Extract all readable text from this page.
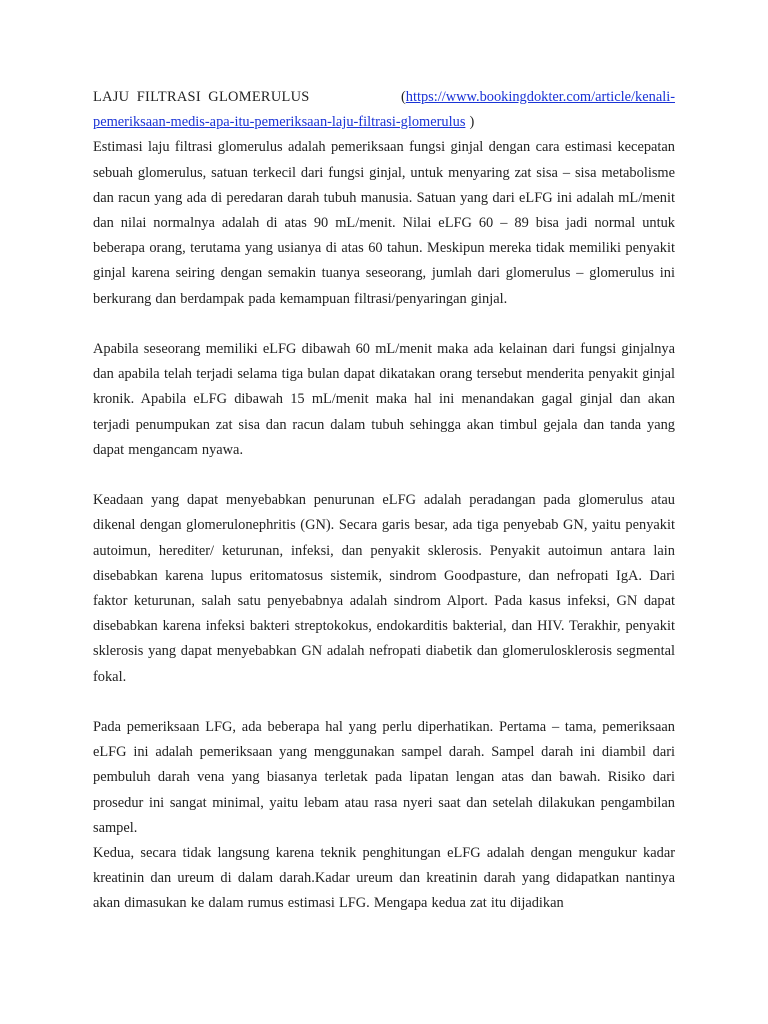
LAJU FILTRASI GLOMERULUS	(https://www.bookingdokter.com/article/kenali-
pemeriksaan-medis-apa-itu-pemeriksaan-laju-filtrasi-glomerulus )

Estimasi laju filtrasi glomerulus adalah pemeriksaan fungsi ginjal dengan cara estimasi kecepatan sebuah glomerulus, satuan terkecil dari fungsi ginjal, untuk menyaring zat sisa – sisa metabolisme dan racun yang ada di peredaran darah tubuh manusia. Satuan yang dari eLFG ini adalah mL/menit dan nilai normalnya adalah di atas 90 mL/menit. Nilai eLFG 60 – 89 bisa jadi normal untuk beberapa orang, terutama yang usianya di atas 60 tahun. Meskipun mereka tidak memiliki penyakit ginjal karena seiring dengan semakin tuanya seseorang, jumlah dari glomerulus – glomerulus ini berkurang dan berdampak pada kemampuan filtrasi/penyaringan ginjal.

Apabila seseorang memiliki eLFG dibawah 60 mL/menit maka ada kelainan dari fungsi ginjalnya dan apabila telah terjadi selama tiga bulan dapat dikatakan orang tersebut menderita penyakit ginjal kronik. Apabila eLFG dibawah 15 mL/menit maka hal ini menandakan gagal ginjal dan akan terjadi penumpukan zat sisa dan racun dalam tubuh sehingga akan timbul gejala dan tanda yang dapat mengancam nyawa.

Keadaan yang dapat menyebabkan penurunan eLFG adalah peradangan pada glomerulus atau dikenal dengan glomerulonephritis (GN). Secara garis besar, ada tiga penyebab GN, yaitu penyakit autoimun, herediter/ keturunan, infeksi, dan penyakit sklerosis. Penyakit autoimun antara lain disebabkan karena lupus eritomatosus sistemik, sindrom Goodpasture, dan nefropati IgA. Dari faktor keturunan, salah satu penyebabnya adalah sindrom Alport. Pada kasus infeksi, GN dapat disebabkan karena infeksi bakteri streptokokus, endokarditis bakterial, dan HIV. Terakhir, penyakit sklerosis yang dapat menyebabkan GN adalah nefropati diabetik dan glomerulosklerosis segmental fokal.

Pada pemeriksaan LFG, ada beberapa hal yang perlu diperhatikan. Pertama – tama, pemeriksaan eLFG ini adalah pemeriksaan yang menggunakan sampel darah. Sampel darah ini diambil dari pembuluh darah vena yang biasanya terletak pada lipatan lengan atas dan bawah. Risiko dari prosedur ini sangat minimal, yaitu lebam atau rasa nyeri saat dan setelah dilakukan pengambilan sampel.

Kedua, secara tidak langsung karena teknik penghitungan eLFG adalah dengan mengukur kadar kreatinin dan ureum di dalam darah.Kadar ureum dan kreatinin darah yang didapatkan nantinya akan dimasukan ke dalam rumus estimasi LFG. Mengapa kedua zat itu dijadikan
